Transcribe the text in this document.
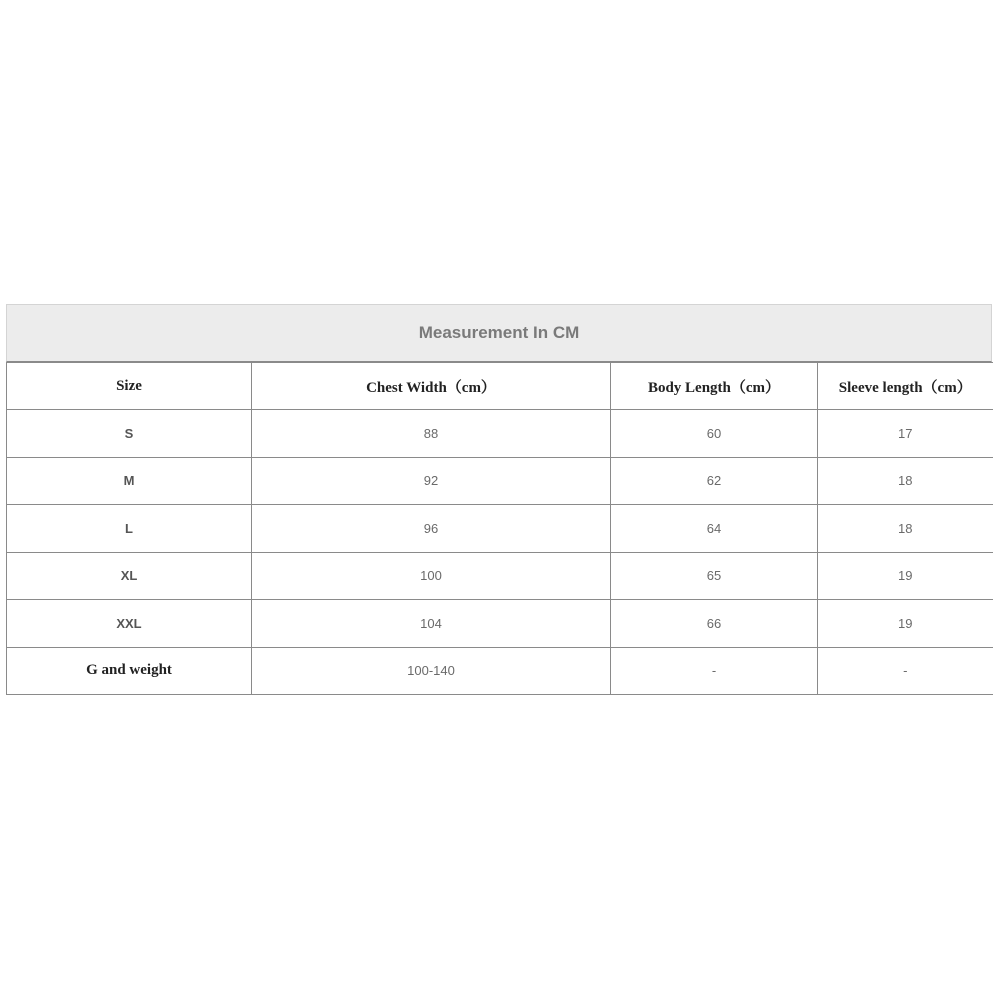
Measurement In CM
Size	Chest Width（cm）	Body Length（cm）	Sleeve length（cm）
S	88	60	17
M	92	62	18
L	96	64	18
XL	100	65	19
XXL	104	66	19
G and weight	100-140	-	-
